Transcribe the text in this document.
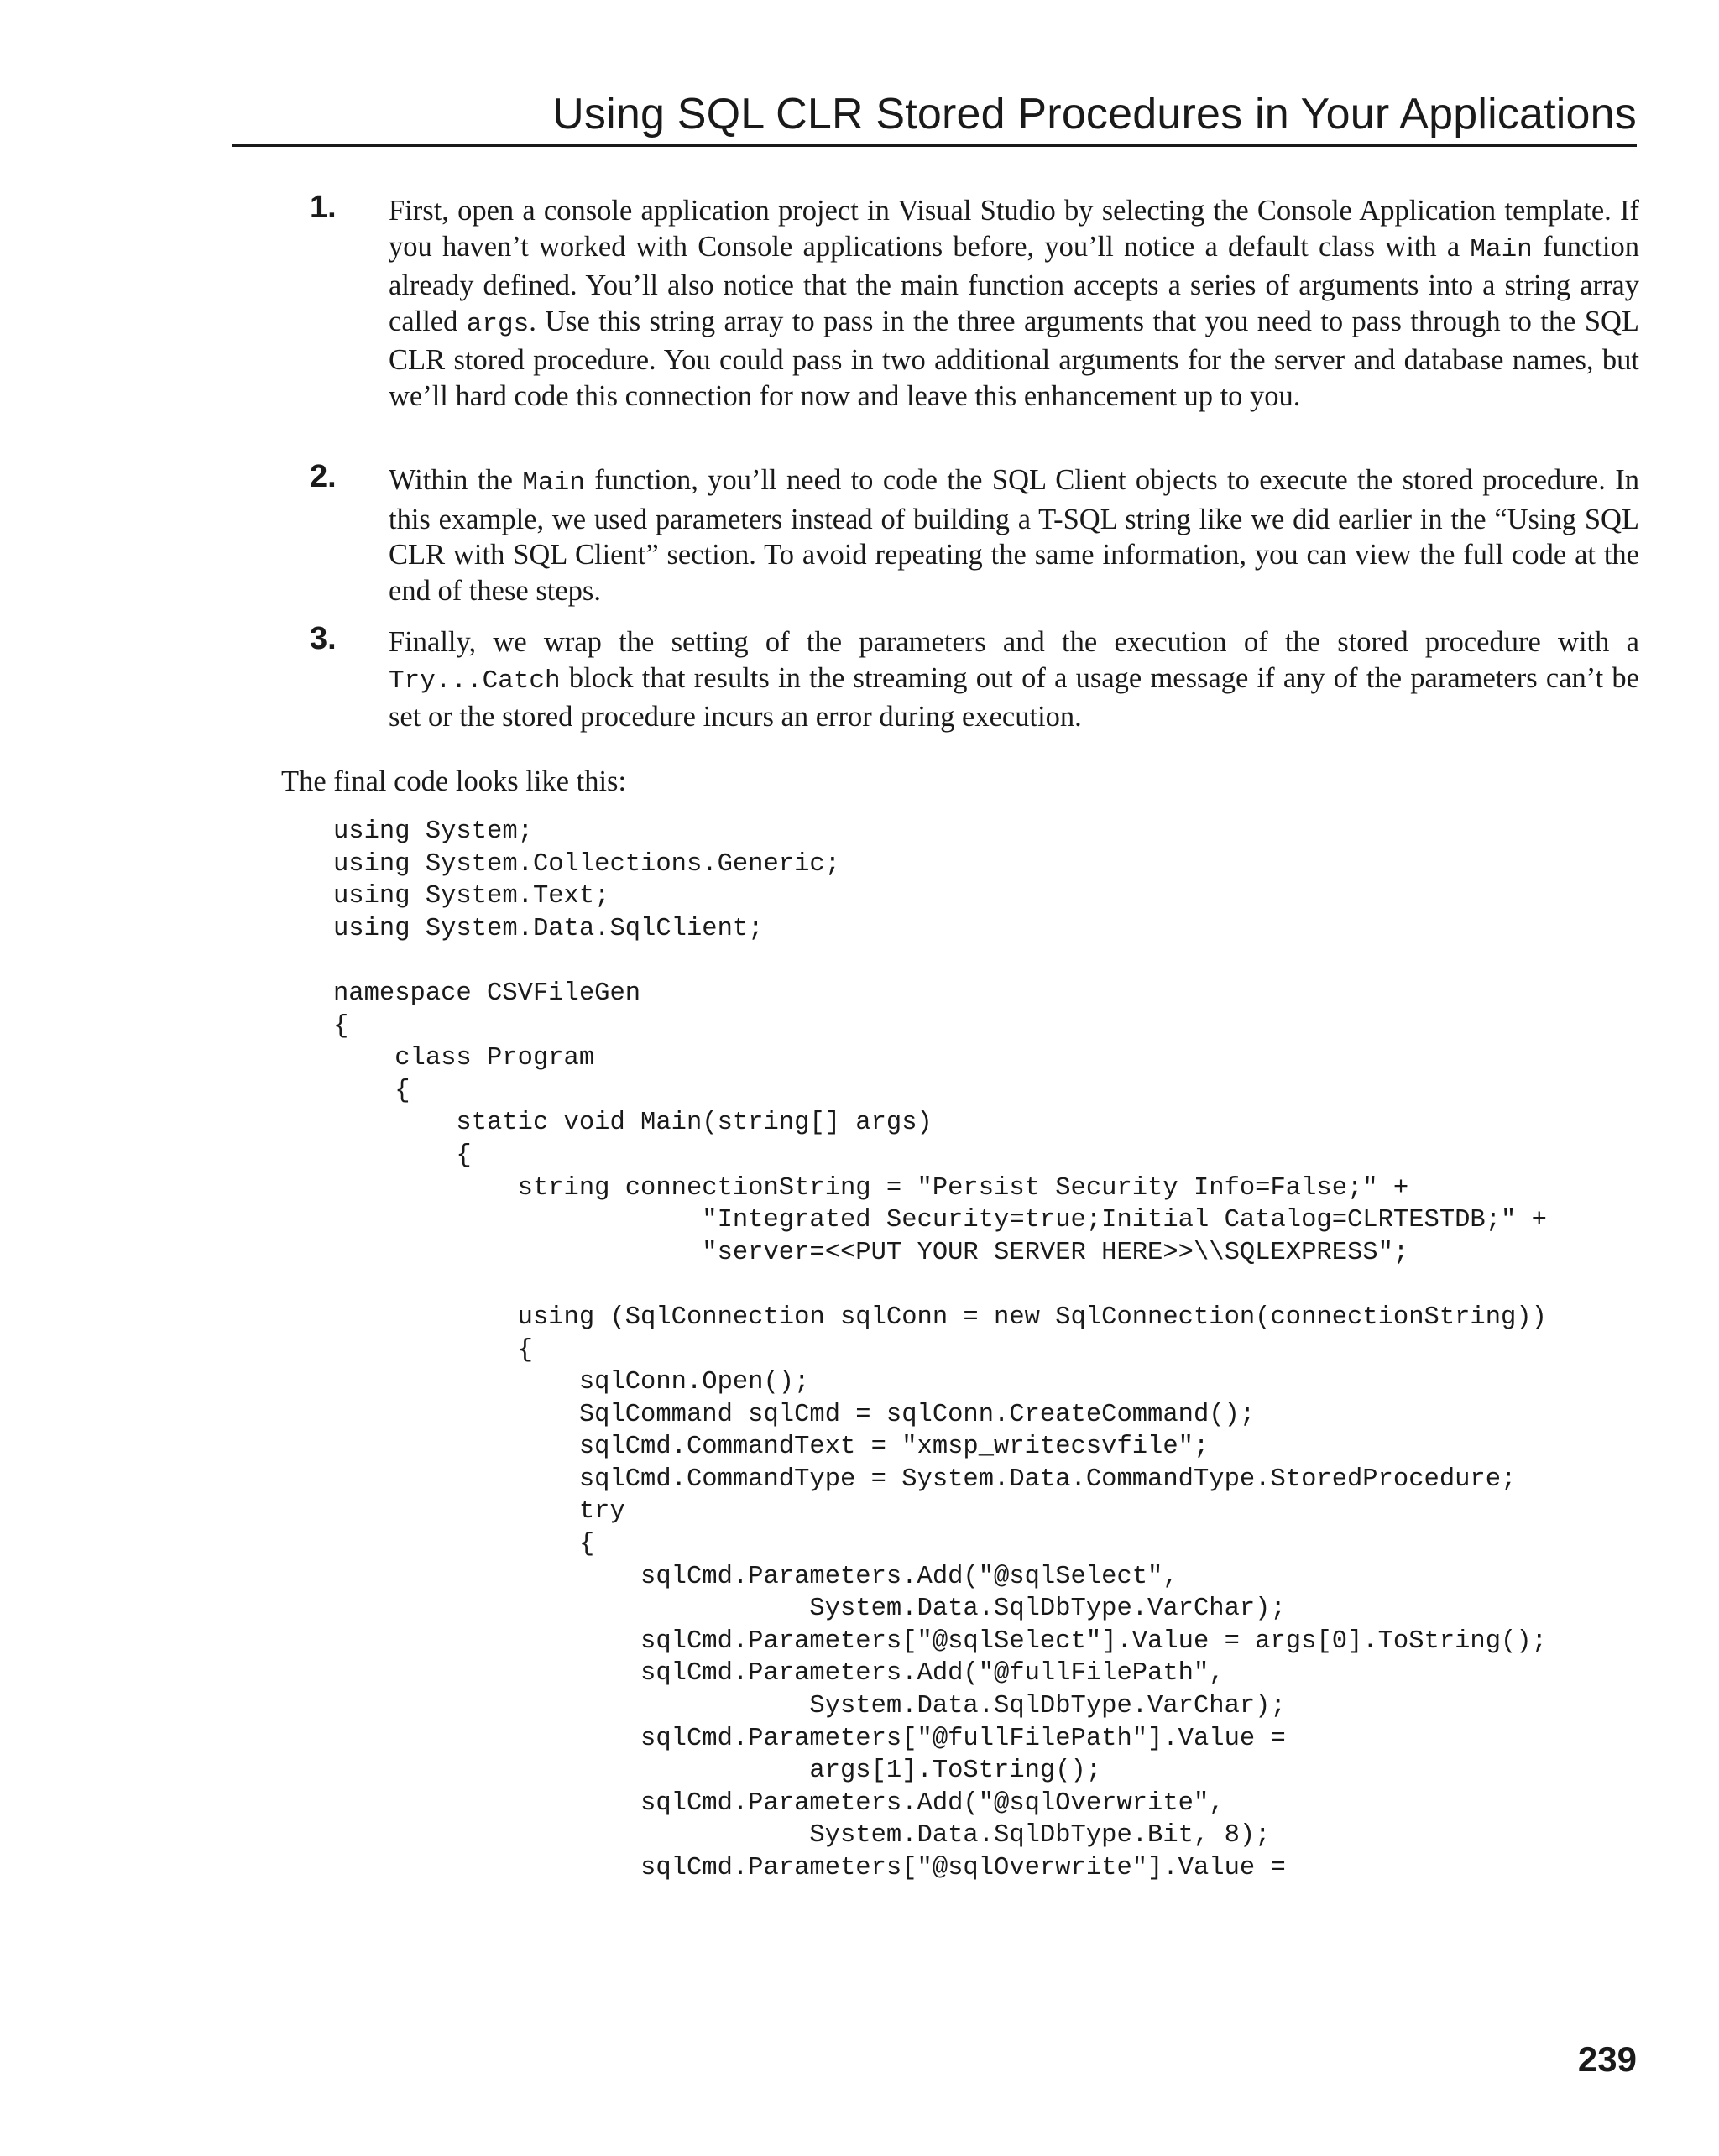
Using SQL CLR Stored Procedures in Your Applications
1. First, open a console application project in Visual Studio by selecting the Console Application template. If you haven’t worked with Console applications before, you’ll notice a default class with a Main function already defined. You’ll also notice that the main function accepts a series of arguments into a string array called args. Use this string array to pass in the three arguments that you need to pass through to the SQL CLR stored procedure. You could pass in two additional arguments for the server and database names, but we’ll hard code this connection for now and leave this enhancement up to you.
2. Within the Main function, you’ll need to code the SQL Client objects to execute the stored procedure. In this example, we used parameters instead of building a T-SQL string like we did earlier in the “Using SQL CLR with SQL Client” section. To avoid repeating the same information, you can view the full code at the end of these steps.
3. Finally, we wrap the setting of the parameters and the execution of the stored procedure with a Try...Catch block that results in the streaming out of a usage message if any of the parameters can’t be set or the stored procedure incurs an error during execution.
The final code looks like this:
using System;
using System.Collections.Generic;
using System.Text;
using System.Data.SqlClient;

namespace CSVFileGen
{
class Program
{
static void Main(string[] args)
{
string connectionString = "Persist Security Info=False;" +
"Integrated Security=true;Initial Catalog=CLRTESTDB;" +
"server=<<PUT YOUR SERVER HERE>>\\SQLEXPRESS";

using (SqlConnection sqlConn = new SqlConnection(connectionString))
{
sqlConn.Open();
SqlCommand sqlCmd = sqlConn.CreateCommand();
sqlCmd.CommandText = "xmsp_writecsvfile";
sqlCmd.CommandType = System.Data.CommandType.StoredProcedure;
try
{
sqlCmd.Parameters.Add("@sqlSelect",
System.Data.SqlDbType.VarChar);
sqlCmd.Parameters["@sqlSelect"].Value = args[0].ToString();
sqlCmd.Parameters.Add("@fullFilePath",
System.Data.SqlDbType.VarChar);
sqlCmd.Parameters["@fullFilePath"].Value =
args[1].ToString();
sqlCmd.Parameters.Add("@sqlOverwrite",
System.Data.SqlDbType.Bit, 8);
sqlCmd.Parameters["@sqlOverwrite"].Value =
239
